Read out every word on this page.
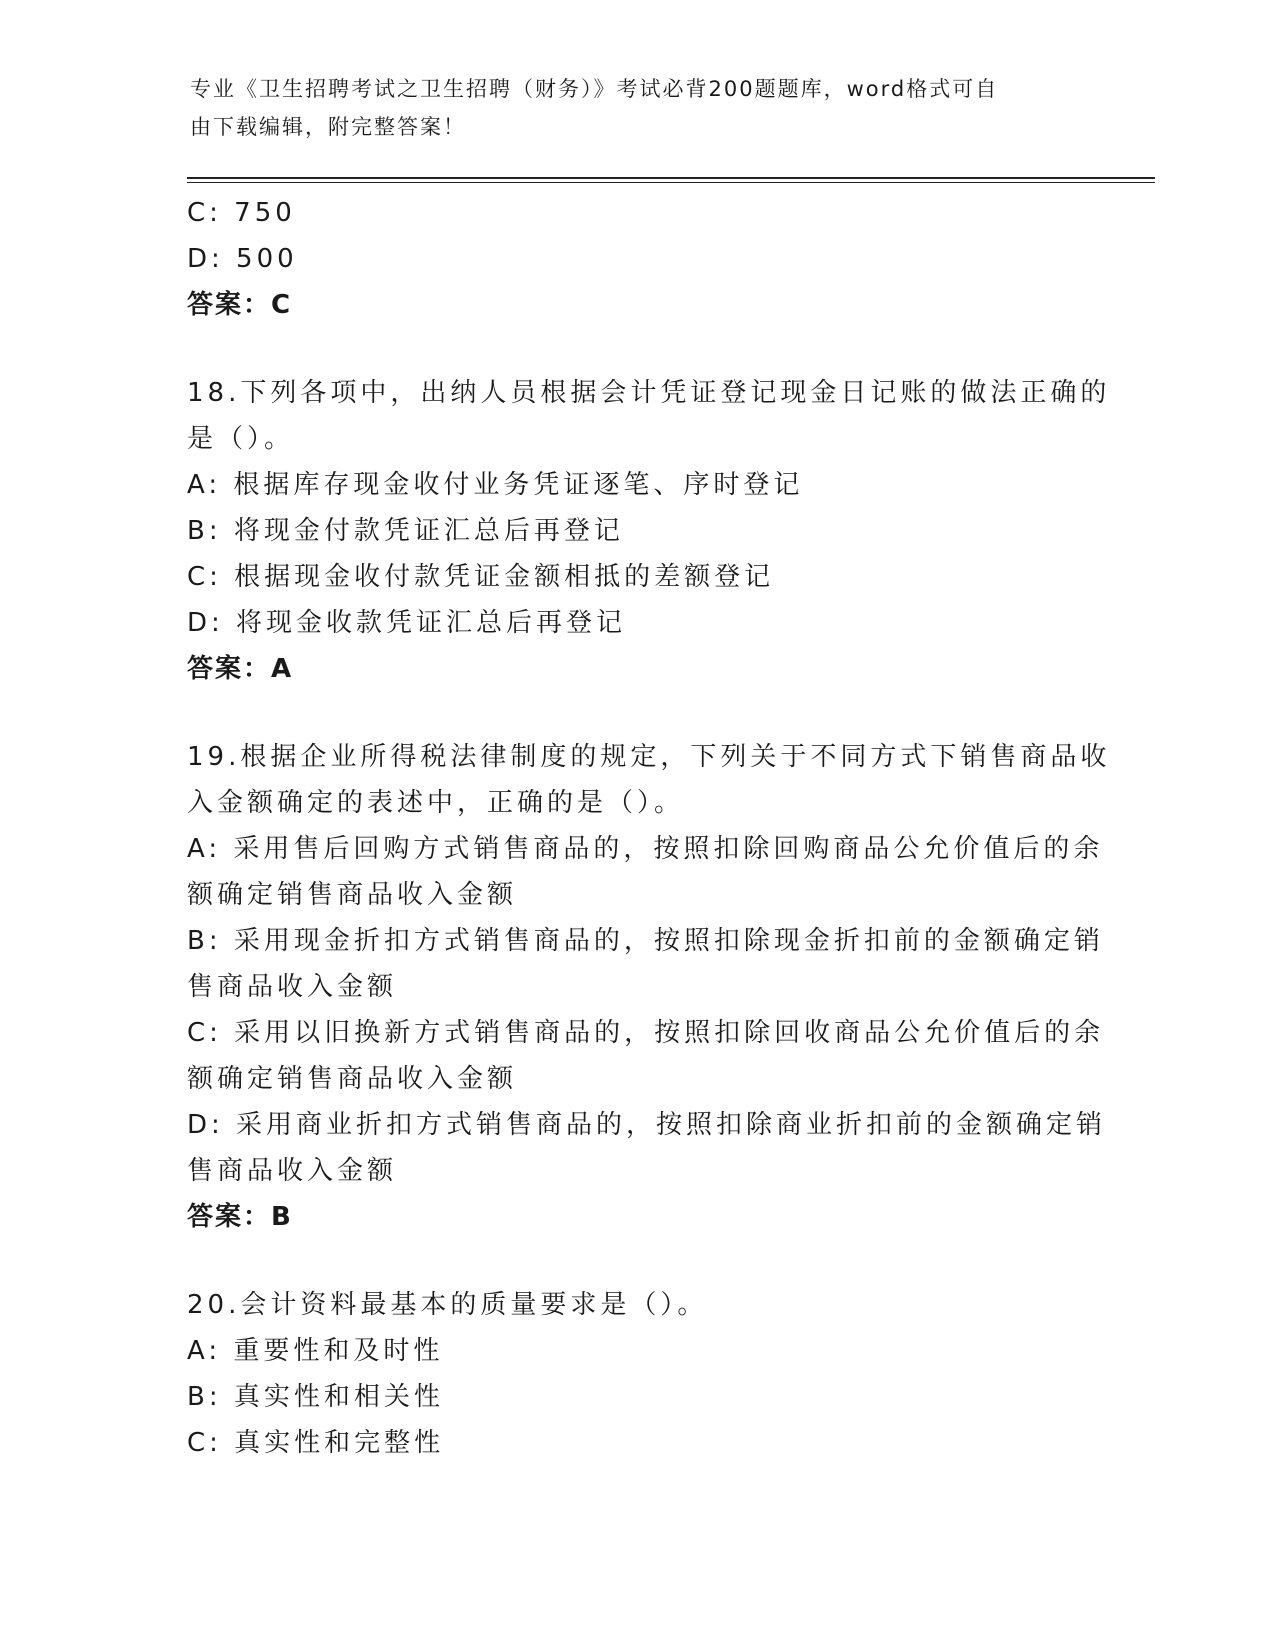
专业《卫生招聘考试之卫生招聘（财务）》考试必背200题题库，word格式可自
由下载编辑，附完整答案！
C: 750
D: 500
答案：C
18.下列各项中，出纳人员根据会计凭证登记现金日记账的做法正确的
是（）。
A: 根据库存现金收付业务凭证逐笔、序时登记
B: 将现金付款凭证汇总后再登记
C: 根据现金收付款凭证金额相抵的差额登记
D: 将现金收款凭证汇总后再登记
答案：A
19.根据企业所得税法律制度的规定，下列关于不同方式下销售商品收
入金额确定的表述中，正确的是（）。
A: 采用售后回购方式销售商品的，按照扣除回购商品公允价值后的余
额确定销售商品收入金额
B: 采用现金折扣方式销售商品的，按照扣除现金折扣前的金额确定销
售商品收入金额
C: 采用以旧换新方式销售商品的，按照扣除回收商品公允价值后的余
额确定销售商品收入金额
D: 采用商业折扣方式销售商品的，按照扣除商业折扣前的金额确定销
售商品收入金额
答案：B
20.会计资料最基本的质量要求是（）。
A: 重要性和及时性
B: 真实性和相关性
C: 真实性和完整性
